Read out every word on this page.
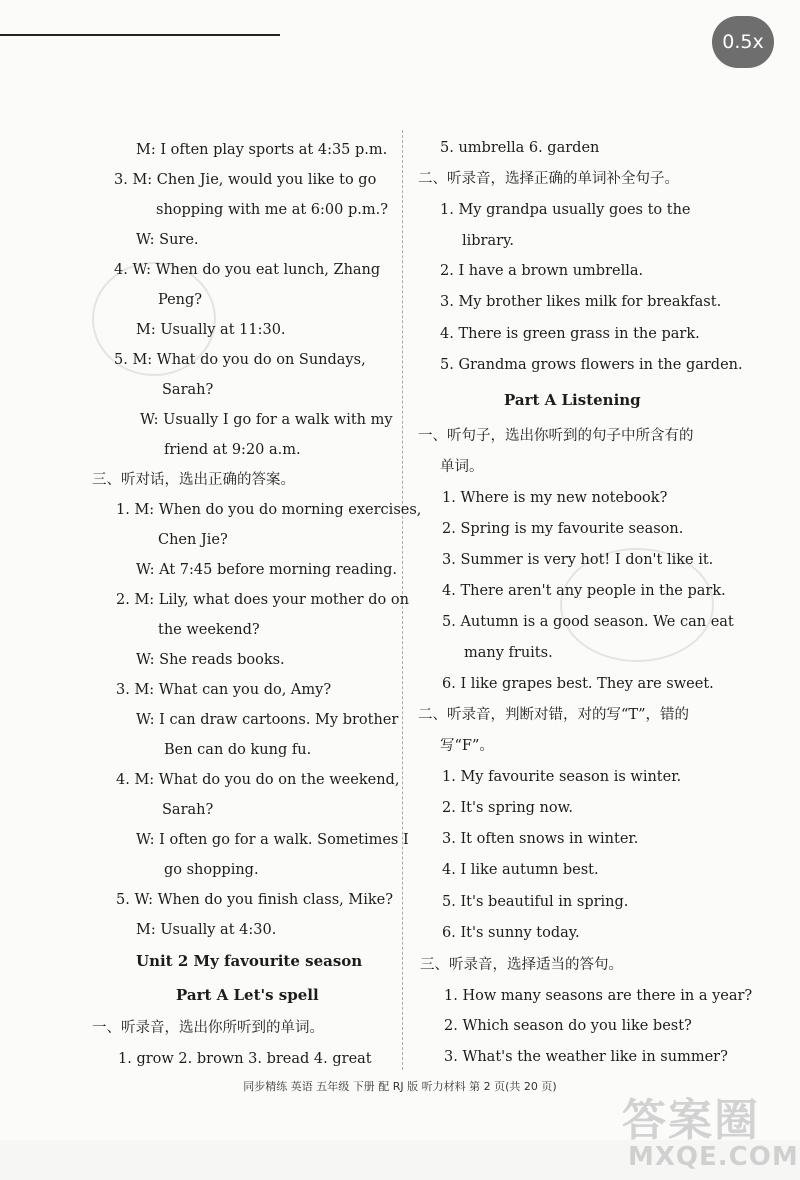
M: I often play sports at 4:35 p.m.
3. M: Chen Jie, would you like to go
shopping with me at 6:00 p.m.?
W: Sure.
4. W: When do you eat lunch, Zhang
Peng?
M: Usually at 11:30.
5. M: What do you do on Sundays,
Sarah?
W: Usually I go for a walk with my
friend at 9:20 a.m.
三、听对话，选出正确的答案。
1. M: When do you do morning exercises,
Chen Jie?
W: At 7:45 before morning reading.
2. M: Lily, what does your mother do on
the weekend?
W: She reads books.
3. M: What can you do, Amy?
W: I can draw cartoons. My brother
Ben can do kung fu.
4. M: What do you do on the weekend,
Sarah?
W: I often go for a walk. Sometimes I
go shopping.
5. W: When do you finish class, Mike?
M: Usually at 4:30.
Unit 2 My favourite season
Part A Let's spell
一、听录音，选出你所听到的单词。
1. grow 2. brown 3. bread 4. great
5. umbrella 6. garden
二、听录音，选择正确的单词补全句子。
1. My grandpa usually goes to the
library.
2. I have a brown umbrella.
3. My brother likes milk for breakfast.
4. There is green grass in the park.
5. Grandma grows flowers in the garden.
Part A Listening
一、听句子，选出你听到的句子中所含有的
单词。
1. Where is my new notebook?
2. Spring is my favourite season.
3. Summer is very hot! I don't like it.
4. There aren't any people in the park.
5. Autumn is a good season. We can eat
many fruits.
6. I like grapes best. They are sweet.
二、听录音，判断对错，对的写“T”，错的
写“F”。
1. My favourite season is winter.
2. It's spring now.
3. It often snows in winter.
4. I like autumn best.
5. It's beautiful in spring.
6. It's sunny today.
三、听录音，选择适当的答句。
1. How many seasons are there in a year?
2. Which season do you like best?
3. What's the weather like in summer?
同步精练 英语 五年级 下册 配 RJ 版 听力材料 第 2 页(共 20 页)
答案圈
MXQE.COM
0.5x
